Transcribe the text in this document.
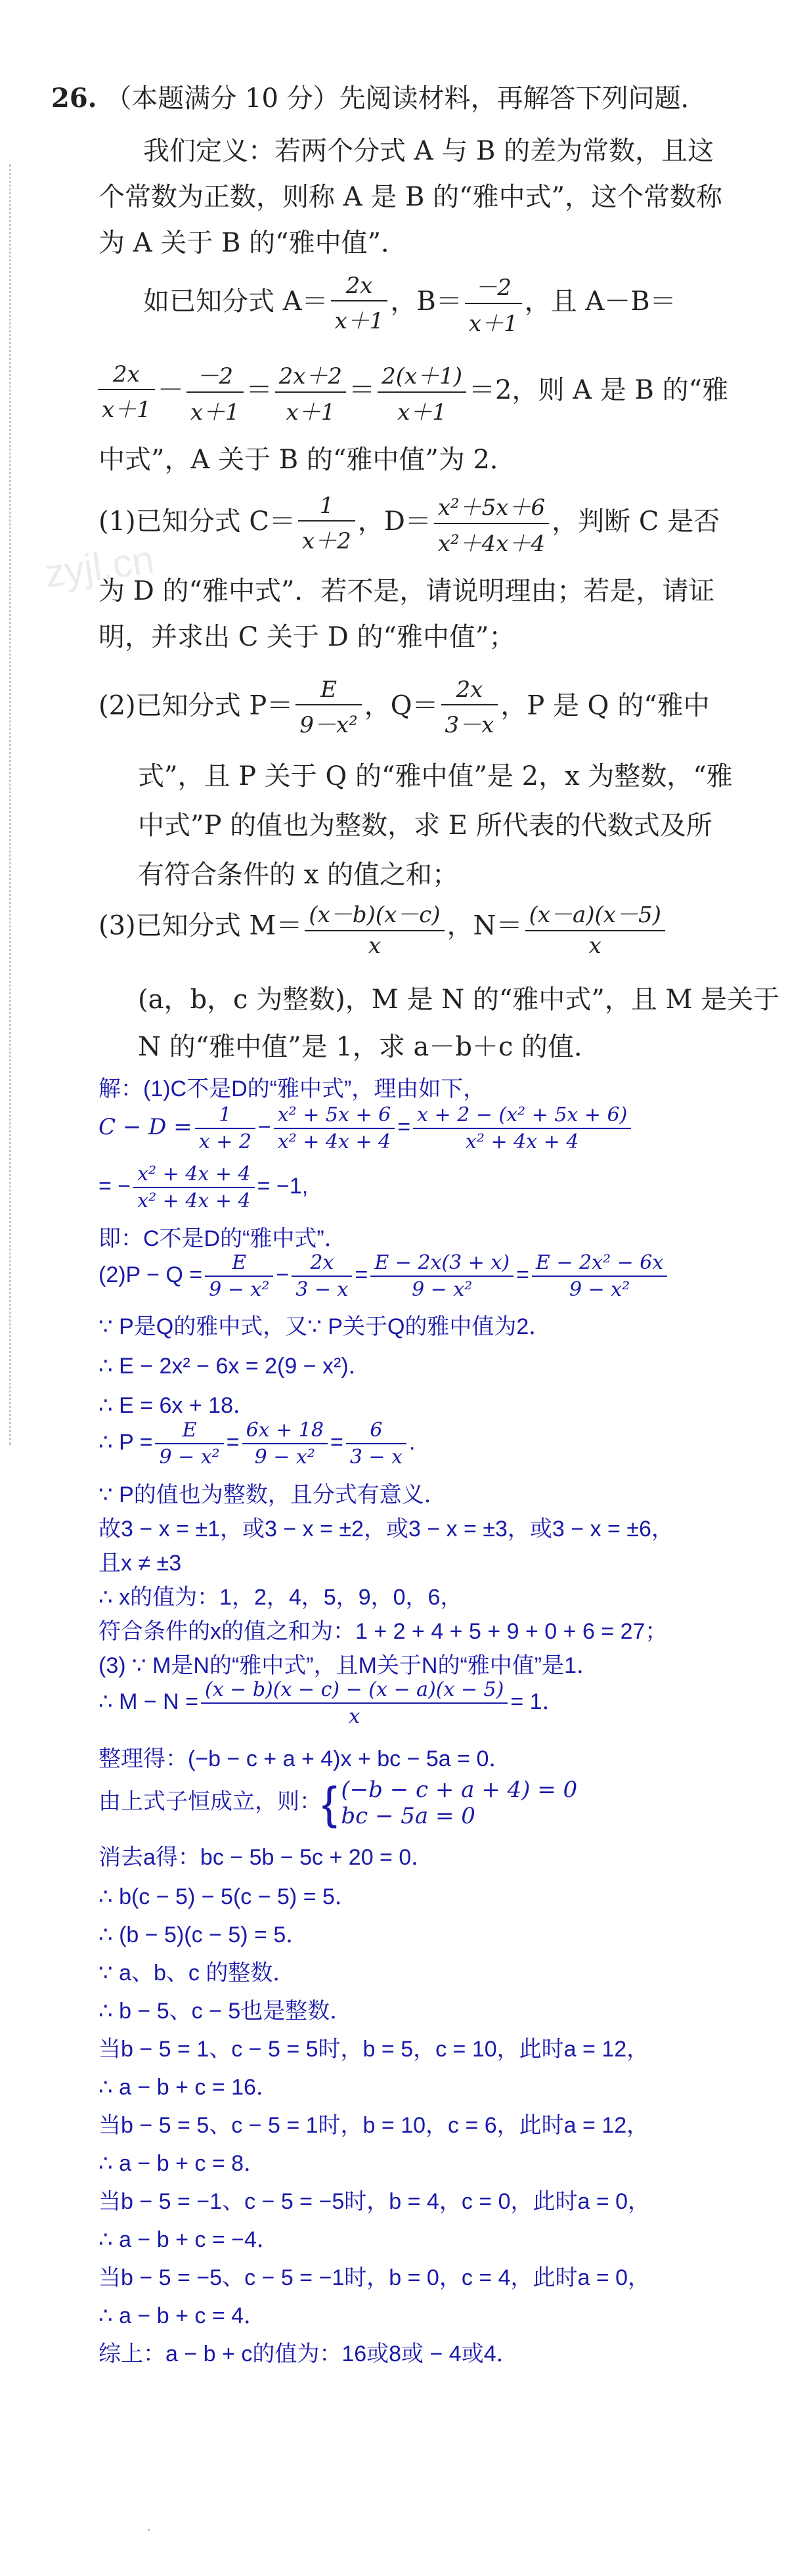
zyjl.cn
26. （本题满分 10 分）先阅读材料，再解答下列问题．
我们定义：若两个分式 A 与 B 的差为常数，且这
个常数为正数，则称 A 是 B 的“雅中式”，这个常数称
为 A 关于 B 的“雅中值”．
如已知分式 $A= \frac{2x}{x+1}$ ，$B= \frac{-2}{x+1}$ ，且 A－B＝
$\frac{2x}{x+1} - \frac{-2}{x+1} = \frac{2x+2}{x+1} = \frac{2(x+1)}{x+1} =2$，则 A 是 B 的“雅
中式”，A 关于 B 的“雅中值”为 2．
(1)已知分式 $C= \frac{1}{x+2}$ ，$D= \frac{\text{x²＋5x＋6}}{\text{x²＋4x＋4}}$ ，判断 C 是否
为 D 的“雅中式”．若不是，请说明理由；若是，请证
明，并求出 C 关于 D 的“雅中值”；
(2)已知分式 $P= \frac{E}{\text{9－x²}}$ ，$Q= \frac{2x}{3-x}$ ，P 是 Q 的“雅中
式”，且 P 关于 Q 的“雅中值”是 2，x 为整数，“雅
中式”P 的值也为整数，求 E 所代表的代数式及所
有符合条件的 x 的值之和；
(3)已知分式 $M= \frac{(x-b)(x-c)}{x}$ ，$N= \frac{(x-a)(x-5)}{x}$
(a，b，c 为整数)，M 是 N 的“雅中式”，且 M 是关于
N 的“雅中值”是 1，求 a－b＋c 的值．
解：(1)C不是D的“雅中式”，理由如下，
$C - D = \frac{1}{x + 2} - \frac{\text{x² + 5x + 6}}{\text{x² + 4x + 4}} = \frac{\text{x + 2 − (x² + 5x + 6)}}{\text{x² + 4x + 4}}$
= − $\frac{\text{x² + 4x + 4}}{\text{x² + 4x + 4}} = -1$,
即：C不是D的“雅中式”．
$(2)P - Q = \frac{E}{\text{9 − x²}} - \frac{2x}{3 - x} = \frac{E - 2x(3 + x)}{\text{9 − x²}} = \frac{\text{E − 2x² − 6x}}{\text{9 − x²}}$
∵ P是Q的雅中式，又∵ P关于Q的雅中值为2．
∴ E − 2x² − 6x = 2(9 − x²)．
∴ E = 6x + 18．
∴ $P = \frac{E}{\text{9 − x²}} = \frac{6x + 18}{\text{9 − x²}} = \frac{6}{3 - x}$ .
∵ P的值也为整数，且分式有意义．
故3 − x = ±1，或3 − x = ±2，或3 − x = ±3，或3 − x = ±6，
且x ≠ ±3
∴ x的值为：1，2，4，5，9，0，6，
符合条件的x的值之和为：1 + 2 + 4 + 5 + 9 + 0 + 6 = 27；
(3) ∵ M是N的“雅中式”，且M关于N的“雅中值”是1．
∴ $M - N = \frac{(x - b)(x - c) - (x - a)(x - 5)}{x} = 1$．
整理得：(−b − c + a + 4)x + bc − 5a = 0．
由上式子恒成立，则：{ (−b − c + a + 4) = 0
bc − 5a = 0
消去a得：bc − 5b − 5c + 20 = 0．
∴ b(c − 5) − 5(c − 5) = 5．
∴ (b − 5)(c − 5) = 5．
∵ a、b、c 的整数．
∴ b − 5、c − 5也是整数．
当b − 5 = 1、c − 5 = 5时，b = 5，c = 10，此时a = 12，
∴ a − b + c = 16．
当b − 5 = 5、c − 5 = 1时，b = 10，c = 6，此时a = 12，
∴ a − b + c = 8．
当b − 5 = −1、c − 5 = −5时，b = 4，c = 0，此时a = 0，
∴ a − b + c = −4．
当b − 5 = −5、c − 5 = −1时，b = 0，c = 4，此时a = 0，
∴ a − b + c = 4．
综上：a − b + c的值为：16或8或 − 4或4．
